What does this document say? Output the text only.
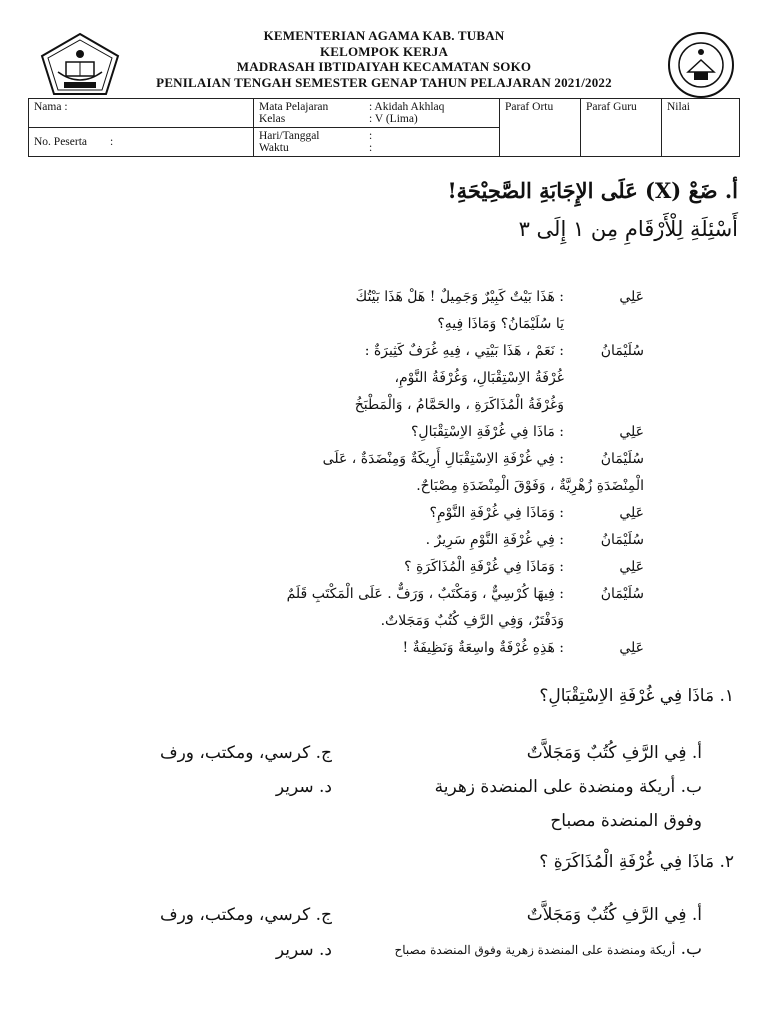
KEMENTERIAN AGAMA KAB. TUBAN
KELOMPOK KERJA
MADRASAH IBTIDAIYAH KECAMATAN SOKO
PENILAIAN TENGAH SEMESTER GENAP TAHUN PELAJARAN 2021/2022
Nama :	Mata Pelajaran : Akidah Akhlaq
Kelas : V (Lima)	Paraf Ortu	Paraf Guru	Nilai
No. Peserta        :	Hari/Tanggal :
Waktu :			
أ. ضَعْ (X) عَلَى الإِجَابَةِ الصَّحِيْحَةِ!
أَسْئِلَةِ لِلْأَرْقَامِ مِن ١ إِلَى ٣
عَلِي
: هَذَا بَيْتٌ كَبِيْرٌ وَجَمِيلٌ ! هَلْ هَذَا بَيْتُكَ
يَا سُلَيْمَانُ؟ وَمَاذَا فِيهِ؟
سُلَيْمَانُ
: نَعَمْ ، هَذَا بَيْتِي ، فِيهِ غُرَفٌ كَثِيرَةٌ :
غُرْفَةُ الاِسْتِقْبَالِ، وَغُرْفَةُ النَّوْمِ،
وَغُرْفَةُ الْمُذَاكَرَةِ ، والحَمَّامُ ، وَالْمَطْبَخُ
عَلِي
: مَاذَا فِي غُرْفَةِ الاِسْتِقْبَالِ؟
سُلَيْمَانُ
: فِي غُرْفَةِ الاِسْتِقْبَالِ أَرِيكَةٌ وَمِنْضَدَةٌ ، عَلَى
الْمِنْضَدَةِ زُهْرِيَّةٌ ، وَفَوْقَ الْمِنْضَدَةِ مِصْبَاحٌ.
عَلِي
: وَمَاذَا فِي غُرْفَةِ النَّوْمِ؟
سُلَيْمَانُ
: فِي غُرْفَةِ النَّوْمِ سَرِيرٌ .
عَلِي
: وَمَاذَا فِي غُرْفَةِ الْمُذَاكَرَةِ ؟
سُلَيْمَانُ
: فِيهَا كُرْسِيٌّ ، وَمَكْتَبٌ ، وَرَفٌّ . عَلَى الْمَكْتَبِ قَلَمٌ
وَدَفْتَرٌ، وَفِي الرَّفِ كُتُبٌ وَمَجَلاتٌ.
عَلِي
: هَذِهِ غُرْفَةٌ واسِعَةٌ وَنَظِيفَةٌ !
١. مَاذَا فِي غُرْفَةِ الاِسْتِقْبَالِ؟
أ. فِي الرَّفِ كُتُبٌ وَمَجَلاَّتٌ
ج. كرسي، ومكتب، ورف
ب. أريكة ومنضدة على المنضدة زهرية
د. سرير
وفوق المنضدة مصباح
٢. مَاذَا فِي غُرْفَةِ الْمُذَاكَرَةِ ؟
أ. فِي الرَّفِ كُتُبٌ وَمَجَلاَّتٌ
ج. كرسي، ومكتب، ورف
ب. أريكة ومنضدة على المنضدة زهرية وفوق المنضدة مصباح
د. سرير
